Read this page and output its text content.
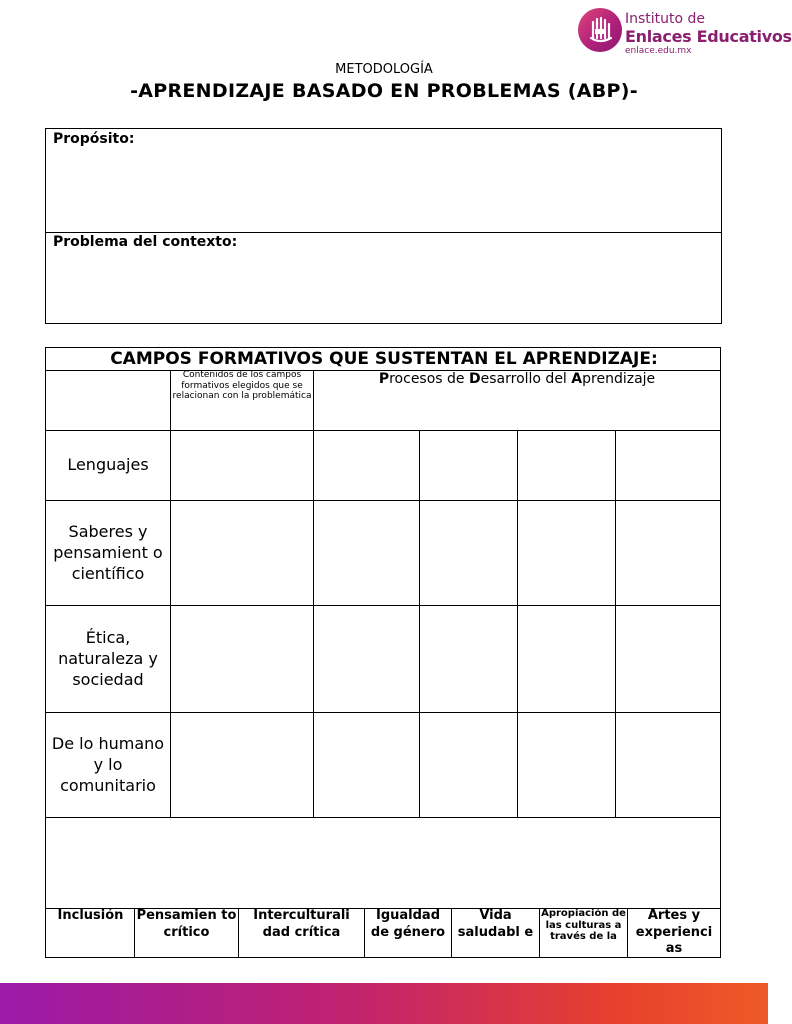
Instituto de
Enlaces Educativos
enlace.edu.mx
METODOLOGÍA
-APRENDIZAJE BASADO EN PROBLEMAS (ABP)-
Propósito:
Problema del contexto:
CAMPOS FORMATIVOS QUE SUSTENTAN EL APRENDIZAJE:
Contenidos de los campos formativos elegidos que se relacionan con la problemática
Procesos de Desarrollo del Aprendizaje
Lenguajes
Saberes y pensamient o científico
Ética, naturaleza y sociedad
De lo humano y lo comunitario
Inclusión	Pensamien to crítico
Interculturali dad crítica
Igualdad de género
Vida saludabl e
Apropiación de las culturas a través de la
Artes y experienci as
